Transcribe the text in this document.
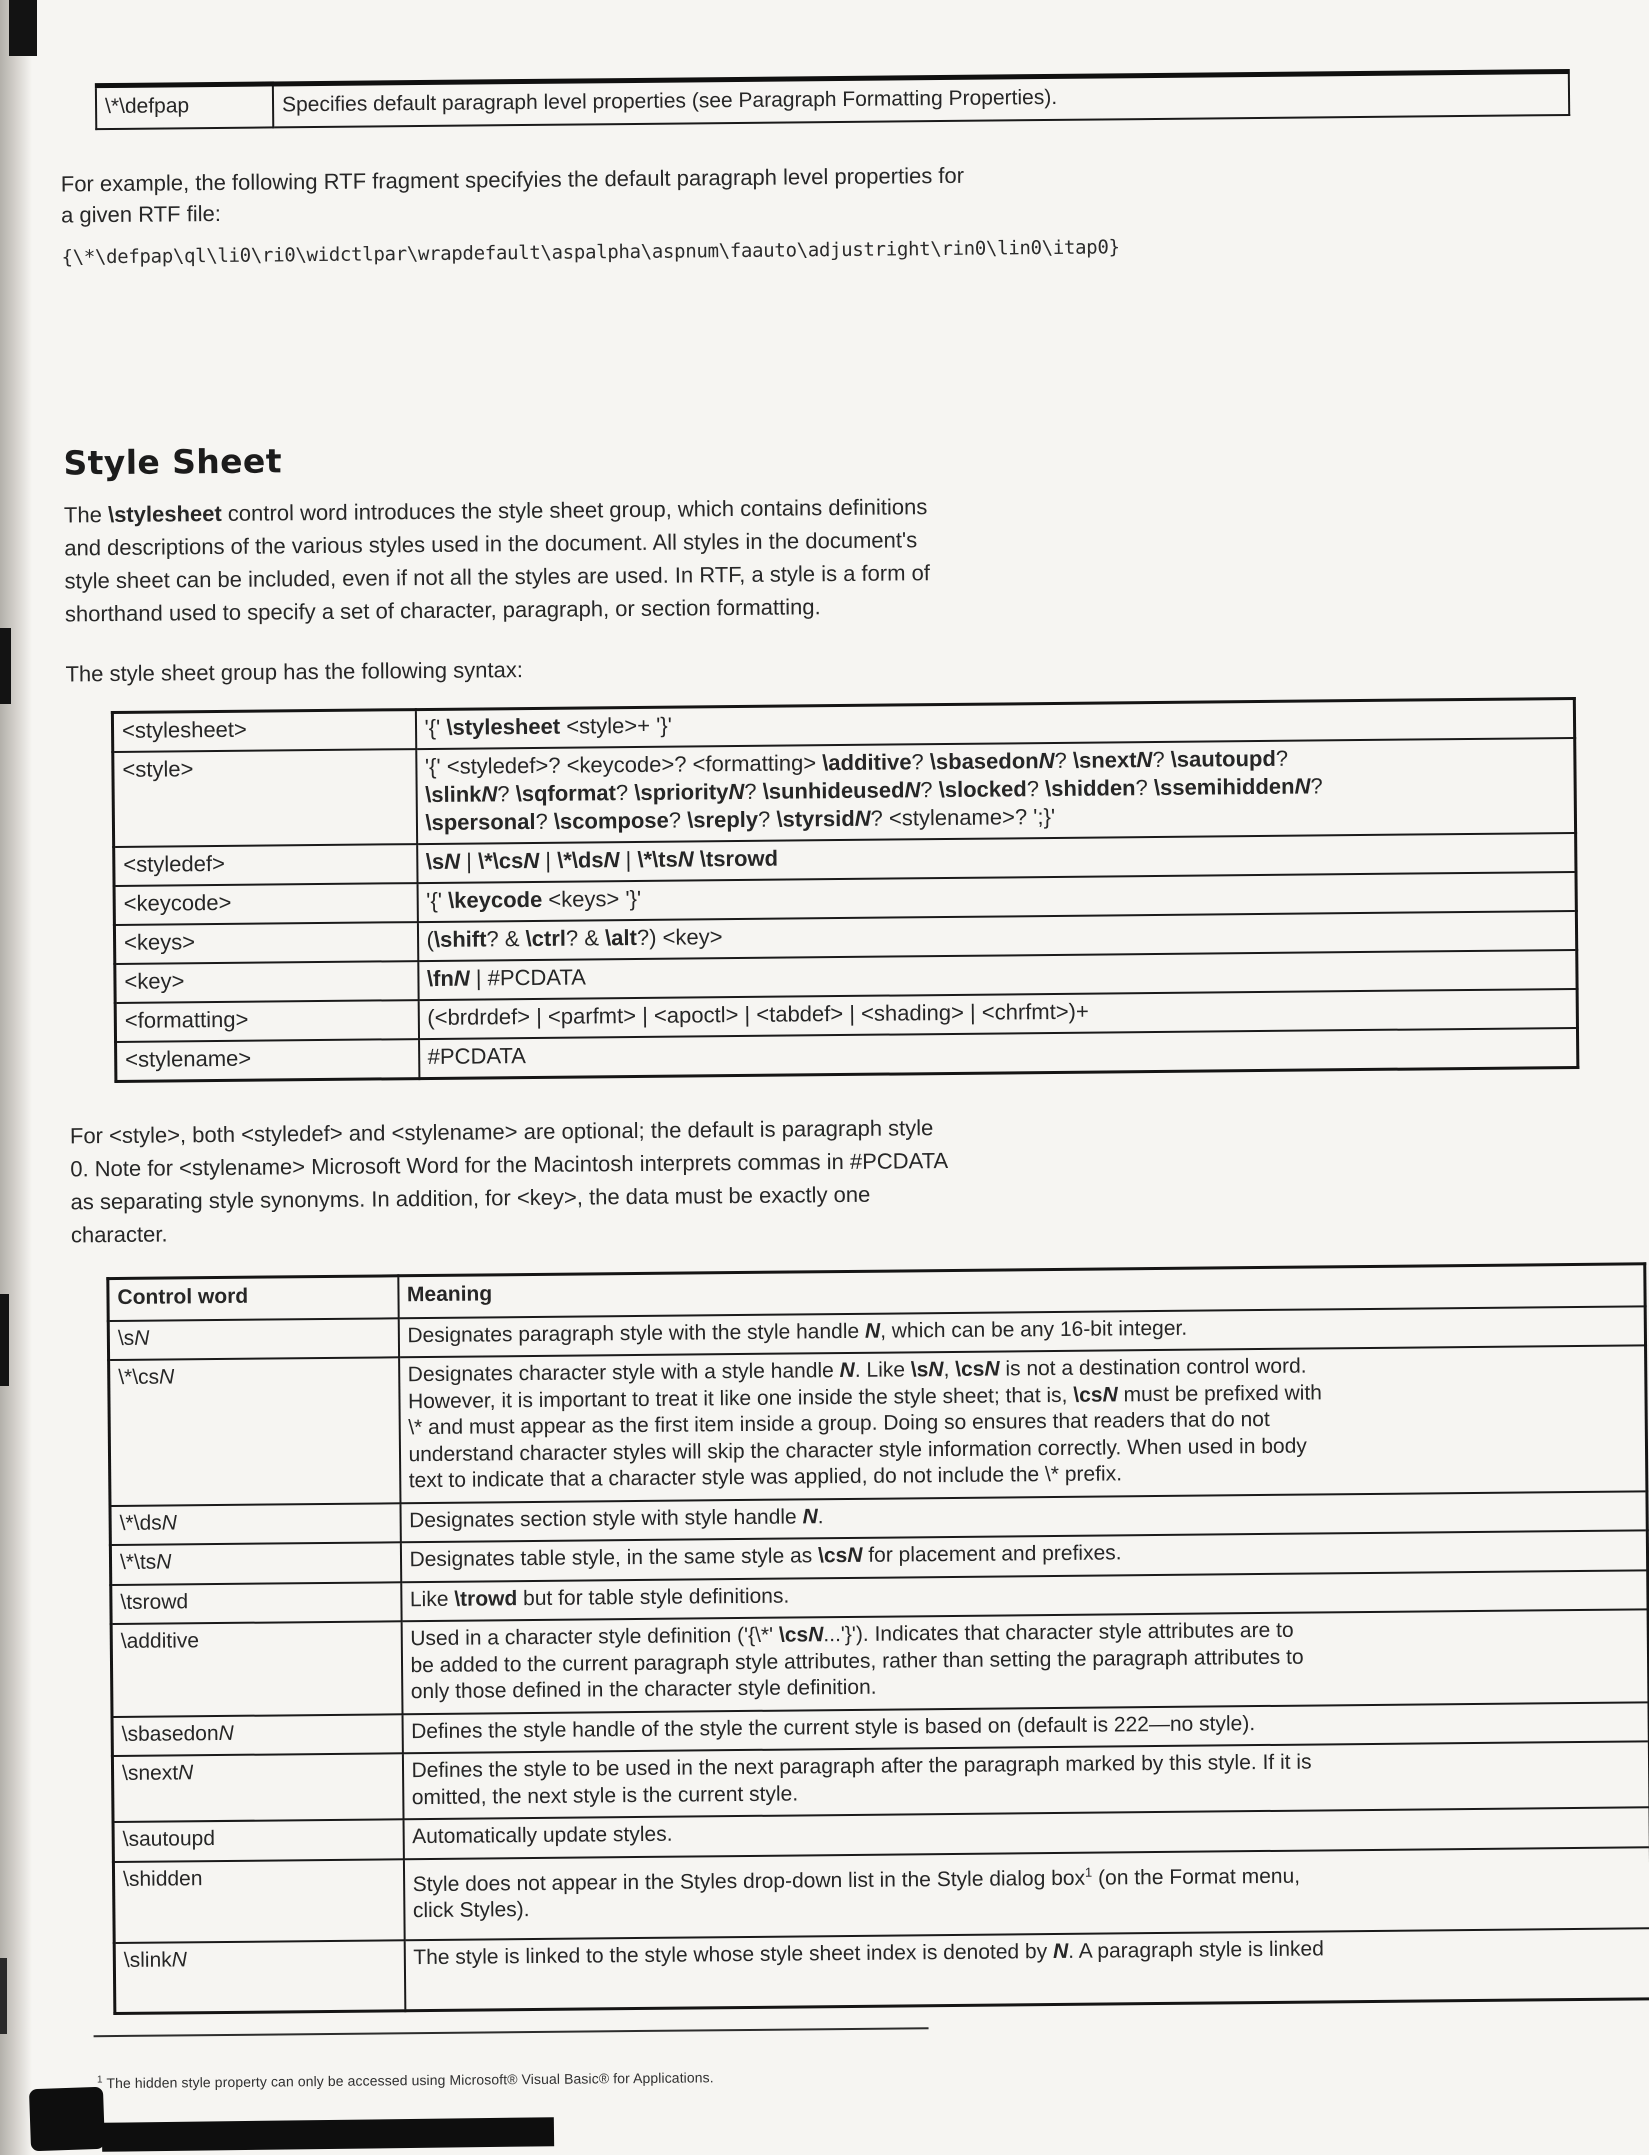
\*\defpap	Specifies default paragraph level properties (see Paragraph Formatting Properties).

For example, the following RTF fragment specifyies the default paragraph level properties for
a given RTF file:

{\*\defpap\ql\li0\ri0\widctlpar\wrapdefault\aspalpha\aspnum\faauto\adjustright\rin0\lin0\itap0}
Style Sheet

The \stylesheet control word introduces the style sheet group, which contains definitions
and descriptions of the various styles used in the document. All styles in the document's
style sheet can be included, even if not all the styles are used. In RTF, a style is a form of
shorthand used to specify a set of character, paragraph, or section formatting.

The style sheet group has the following syntax:

<stylesheet>	'{' \stylesheet <style>+ '}'
<style>	'{' <styledef>? <keycode>? <formatting> \additive? \sbasedonN? \snextN? \sautoupd?
\slinkN? \sqformat? \spriorityN? \sunhideusedN? \slocked? \shidden? \ssemihiddenN?
\spersonal? \scompose? \sreply? \styrsidN? <stylename>? ';}'
<styledef>	\sN | \*\csN | \*\dsN | \*\tsN \tsrowd
<keycode>	'{' \keycode <keys> '}'
<keys>	(\shift? & \ctrl? & \alt?) <key>
<key>	\fnN | #PCDATA
<formatting>	(<brdrdef> | <parfmt> | <apoctl> | <tabdef> | <shading> | <chrfmt>)+
<stylename>	#PCDATA

For <style>, both <styledef> and <stylename> are optional; the default is paragraph style
0. Note for <stylename> Microsoft Word for the Macintosh interprets commas in #PCDATA
as separating style synonyms. In addition, for <key>, the data must be exactly one
character.

Control word	Meaning
\sN	Designates paragraph style with the style handle N, which can be any 16-bit integer.
\*\csN	Designates character style with a style handle N. Like \sN, \csN is not a destination control word.
However, it is important to treat it like one inside the style sheet; that is, \csN must be prefixed with
\* and must appear as the first item inside a group. Doing so ensures that readers that do not
understand character styles will skip the character style information correctly. When used in body
text to indicate that a character style was applied, do not include the \* prefix.
\*\dsN	Designates section style with style handle N.
\*\tsN	Designates table style, in the same style as \csN for placement and prefixes.
\tsrowd	Like \trowd but for table style definitions.
\additive	Used in a character style definition ('{\*' \csN...'}'). Indicates that character style attributes are to
be added to the current paragraph style attributes, rather than setting the paragraph attributes to
only those defined in the character style definition.
\sbasedonN	Defines the style handle of the style the current style is based on (default is 222—no style).
\snextN	Defines the style to be used in the next paragraph after the paragraph marked by this style. If it is
omitted, the next style is the current style.
\sautoupd	Automatically update styles.
\shidden	Style does not appear in the Styles drop-down list in the Style dialog box$^1$ (on the Format menu,
click Styles).
\slinkN	The style is linked to the style whose style sheet index is denoted by N. A paragraph style is linked

$^1$ The hidden style property can only be accessed using Microsoft® Visual Basic® for Applications.
